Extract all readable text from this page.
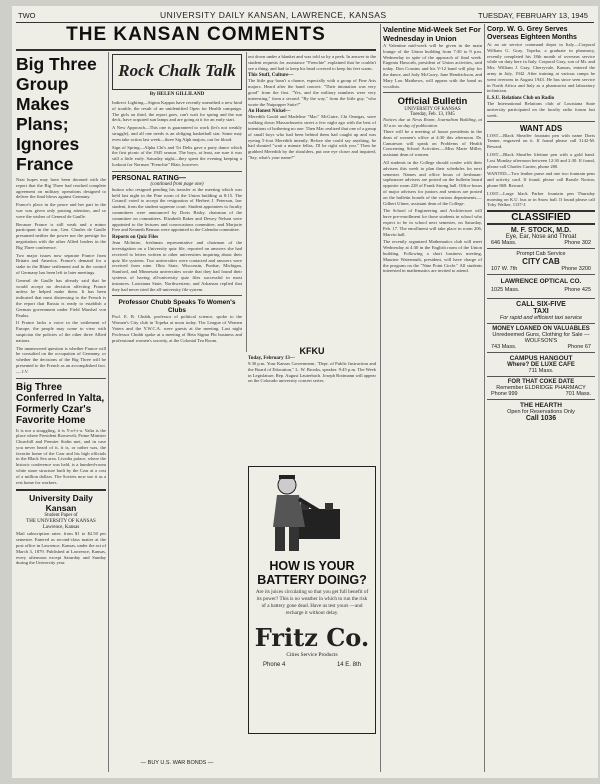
TWO	UNIVERSITY DAILY KANSAN, LAWRENCE, KANSAS	TUESDAY, FEBRUARY 13, 1945
THE KANSAN COMMENTS
Big Three Group Makes Plans; Ignores France

Nazi hopes may have been doomed with the report that the Big Three had reached complete agreement on military operations designed to deliver the final blows against Germany.

France's place in the peace and her part in the war was given only passing attention, and so were the wishes of General de Gaulle.

Because France is still weak and a minor participant in the war, Gen. Charles de Gaulle presumed neither the power nor the prestige for negotiation with the other Allied leaders in the Big Three conference.

Two major issues now separate France from Britain and America. France's demand for a stake in the Rhine settlement and in the control of Germany has been left to later meetings.

General de Gaulle has already said that he would accept no decision affecting France unless he helped make them. It has been indicated that most distressing to the French is the report that Russia is ready to establish a German government under Field Marshal von Paulus.

If France lacks a voice in the settlement of Europe, the people may come to view with suspicion the policies of the other three Allied nations.

The unanswered question is whether France will be consulted on the occupation of Germany, or whether the decisions of the Big Three will be presented to the French as an accomplished fact. — J.V.

Big Three Conferred In Yalta, Formerly Czar's Favorite Home
It is not a straggling, it is Y-a-l-t-a. Yalta is the place where President Roosevelt, Prime Minister Churchill and Premier Stalin met, and in case you never heard of it, it is, or rather was, the favorite home of the Czar and his high officials in the Black Sea area. Livadia palace, where the historic conference was held, is a hundred-room white stone structure built by the Czar at a cost of a million dollars. The Soviets now use it as a rest home for workers.
University Daily Kansan
Student Paper of
THE UNIVERSITY OF KANSAS
Lawrence, Kansas
Mail subscription rates: from $1 to $2.50 per semester. Entered as second-class matter at the post office in Lawrence, Kansas, under the act of March 3, 1879. Published at Lawrence, Kansas, every afternoon except Saturday and Sunday during the University year.
Rock Chalk Talk
By HELEN GILLILAND

Indirect Lighting—Sigma Kappas have recently unearthed a new kind of trouble, the result of an unidentified Open for Health campaign. The girls on third, the report goes, can't wait for spring and the sun deck, have acquired sun lamps and are going at it for an early start.

A New Approach—This one is guaranteed to work (let's not weakly struggle), and all one needs is an obliging basketball star. Some may even take action last week—three Sig Alph majors, out for blood.

Sign of Spring—Alpha Chi's and Tri Delts gave a party dance which the first picnic of the 1945 season. The boys, at least, are sure it was still a little early. Saturday night—they spent the evening keeping a lookout for Norman "Frenchie" Blair, however.

PERSONAL RATING—
(continued from page one)
bution who resigned pending his transfer at the meeting which was held last night in the Pine room of the Union building at 8:15. The Council voted to accept the resignation of Herbert J. Peterson, law student, from the student supreme court. Student appointees to faculty committees were announced by Doris Bixby, chairman of the committee on committees. Elizabeth Baker and Dewey Nelson were appointed to the lectures and convocations committee, and Marjorie Free and Kenneth Benson were appointed to the Calendar committee.
Reports on Quiz Files
Jean McIntire, freshman representative and chairman of the investigation on a University quiz file, reported on answers she had received to letters written to other universities inquiring about their quiz file systems. Two universities were contacted and answers were received from nine. Ohio State, Wisconsin, Purdue, Michigan, Stanford, and Minnesota universities wrote that they had found their systems of having all-university quiz files successful in most instances. Louisiana State, Northwestern, and Arkansas replied that they had never tried the all-university file system.
Professor Chubb Speaks To Women's Clubs
Prof. E. B. Chubb, professor of political science, spoke to the Women's City club in Topeka at noon today. The League of Women Voters and the Y.W.C.A. were guests at the meeting. Last night Professor Chubb spoke at a meeting of Beta Sigma Phi business and professional women's sorority, at the Colonial Tea Room.
— BUY U.S. WAR BONDS —
out down under a blanket and was told so by a peek. In answer to the student requests for assistance "Frenchie" explained that he couldn't see a thing, and had to keep his head covered to keep his feet warm.
This Stuff, Culture—
The little guy hasn't a chance, especially with a group of Fine Arts majors. Heard after the band concert: "Their intonation was very good" from the first. "Yes, and the military numbers were very interesting," from a second. "By the way," from the little guy, "who wrote the Nutpopper Suite?"
An Honest Nickel—
Meredith Gould and Madeline "Mac" McGuire, Chi Omegas, were walking down Massachusetts street a few night ago with the best of intentions of bothering no one. Then Mac realized that one of a group of small boys who had been behind them had caught up and was eyeing 5-foot Meredith intently. Before she could say anything, he had shouted "wait a minute fellas, I'll be right with you." Then he grabbed Meredith by the shoulders, put one eye closer and inquired, "Say, what's your name?"
KFKU
Today, February 13—
9:30 p.m. Your Kansas Government, "Dept. of Public Instruction and the Board of Education," L. W. Brooks, speaker. 9:45 p.m. The Week in Legislature, Rep. August Lauterbach. Joseph Rottmann will appear on the Colorado university concert series.
HOW IS YOUR BATTERY DOING?
Are its juices circulating so that you get full benefit of its power? This is no weather in which to run the risk of a battery gone dead. Have us test yours —and recharge it without delay.
Fritz Co.
Cities Service Products
Phone 4	14 E. 8th
Valentine Mid-Week Set For Wednesday in Union
A Valentine mid-week will be given in the main lounge of the Union building from 7:30 to 9 p.m. Wednesday in spite of the approach of final week. Eugenia Haworth, president of Union activities, said today. Don Cousins and his V-12 band will play for the dance, and Jody McCurry, Jane Hendrickson, and Mary Lou Matthews, will appear with the band as vocalists.
Official Bulletin
UNIVERSITY OF KANSAS
Tuesday, Feb. 13, 1945
Notices due at News Room, Journalism Building, at 10 a.m. on day of publication.

There will be a meeting of house presidents in the dean of women's office at 4:30 this afternoon. Dr. Canuteson will speak on Problems of Health Concerning School Activities.—Miss Marie Miller, assistant dean of women.

All students in the College should confer with their advisers this week to plan their schedules for next semester. Names and office hours of freshman-sophomore advisers are posted on the bulletin board opposite room 228 of Frank Strong hall. Office hours of major advisers for juniors and seniors are posted on the bulletin boards of the various departments.—Gilbert Ulmer, assistant dean of the College.

The School of Engineering and Architecture will have pre-enrollment for those students in school who expect to be in school next semester, on Saturday, Feb. 17. The enrollment will take place in room 206, Marvin hall.

The recently organized Mathematics club will meet Wednesday at 4:30 in the English room of the Union building. Following a short business meeting, Maurine Watermuth, president, will have charge of the program on the "Nine Point Circle." All students interested in mathematics are invited to attend.

Corp. W. G. Grey Serves Overseas Eighteen Months
At an air service command depot in Italy—Corporal William G. Gray, Topeka, a graduate in pharmacy, recently completed his 18th month of overseas service while on duty here in Italy. Corporal Gray, son of Mr. and Mrs. William J. Gray, Cherryvale, Kansas, entered the army in July, 1942. After training at various camps he went overseas in August 1943. He has since seen service in North Africa and Italy as a pharmacist and laboratory technician.
L.S.U. Relations Club on Radio
The International Relations club of Louisiana State university participated on the faculty radio forum last week.
WANT ADS

LOST—Black Sheaffer fountain pen with name Doris Tanner, engraved on it. If found please call 3142-M. Reward.

LOST—Black Sheaffer lifetime pen with a gold band. Lost Monday afternoon between 12:30 and 2:30. If found, please call Charles Currier, phone 280.

WANTED—Two leather purse and one two fountain pens and activity card. If found, please call Brasile Norton, phone 868. Reward.

LOST—Large black Parker fountain pen Thursday morning on K.U. bus or in Snow hall. If found please call Toby Walker, 1137-J.

CLASSIFIED
M. F. STOCK, M.D.
Eye, Ear, Nose and Throat
646 Mass.	Phone 302
Prompt Cab Service
CITY CAB
107 W. 7th	Phone 3200
LAWRENCE OPTICAL CO.
1025 Mass.	Phone 425
CALL SIX-FIVE
TAXI
For rapid and efficient taxi service
MONEY LOANED ON VALUABLES
Unredeemed Guns, Clothing for Sale — WOLFSON'S
743 Mass.	Phone 67
CAMPUS HANGOUT
Where? DE LUXE CAFE
711 Mass.
FOR THAT COKE DATE
Remember ELDRIDGE PHARMACY
Phone 999	701 Mass.
THE HEARTH
Open for Reservations Only
Call 1036
